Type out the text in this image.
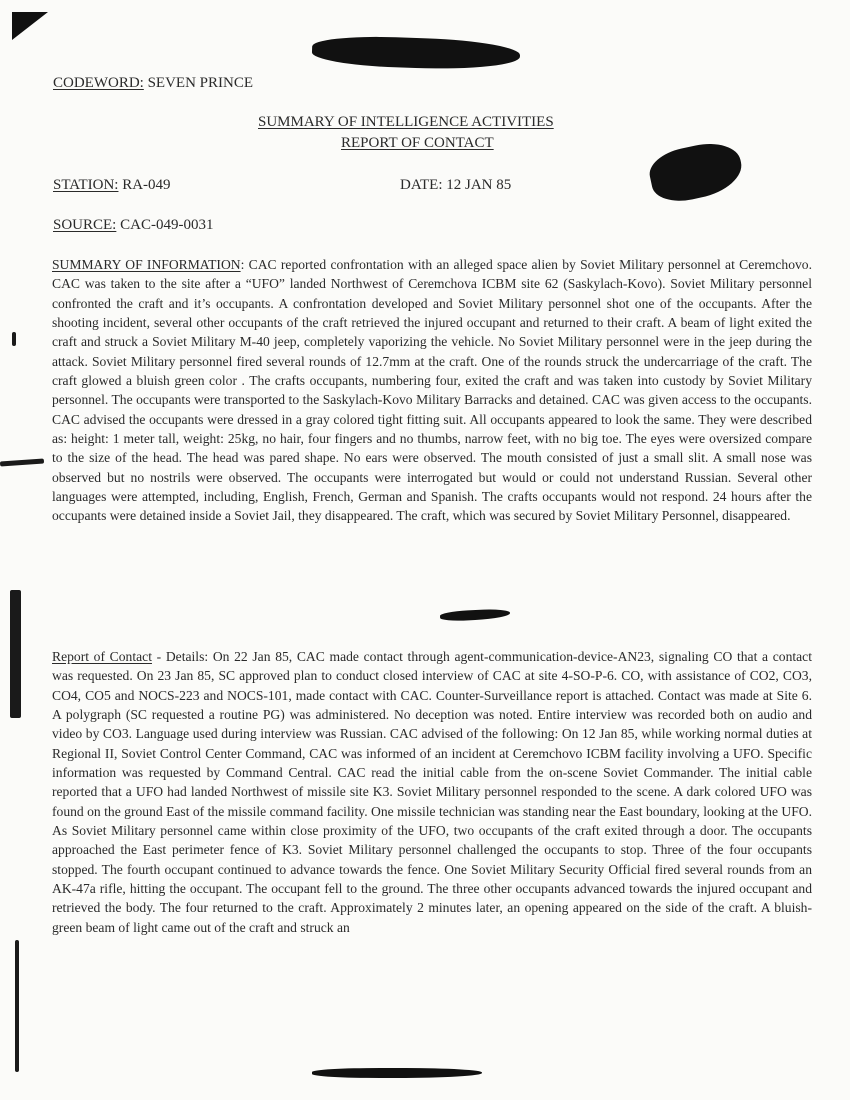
CODEWORD: SEVEN PRINCE
SUMMARY OF INTELLIGENCE ACTIVITIES
REPORT OF CONTACT
STATION: RA-049	DATE: 12 JAN 85
SOURCE: CAC-049-0031

SUMMARY OF INFORMATION: CAC reported confrontation with an alleged space alien by Soviet Military personnel at Ceremchovo. CAC was taken to the site after a “UFO” landed Northwest of Ceremchova ICBM site 62 (Saskylach-Kovo). Soviet Military personnel confronted the craft and it’s occupants. A confrontation developed and Soviet Military personnel shot one of the occupants. After the shooting incident, several other occupants of the craft retrieved the injured occupant and returned to their craft. A beam of light exited the craft and struck a Soviet Military M-40 jeep, completely vaporizing the vehicle. No Soviet Military personnel were in the jeep during the attack. Soviet Military personnel fired several rounds of 12.7mm at the craft. One of the rounds struck the undercarriage of the craft. The craft glowed a bluish green color . The crafts occupants, numbering four, exited the craft and was taken into custody by Soviet Military personnel. The occupants were transported to the Saskylach-Kovo Military Barracks and detained. CAC was given access to the occupants. CAC advised the occupants were dressed in a gray colored tight fitting suit. All occupants appeared to look the same. They were described as: height: 1 meter tall, weight: 25kg, no hair, four fingers and no thumbs, narrow feet, with no big toe. The eyes were oversized compare to the size of the head. The head was pared shape. No ears were observed. The mouth consisted of just a small slit. A small nose was observed but no nostrils were observed. The occupants were interrogated but would or could not understand Russian. Several other languages were attempted, including, English, French, German and Spanish. The crafts occupants would not respond. 24 hours after the occupants were detained inside a Soviet Jail, they disappeared. The craft, which was secured by Soviet Military Personnel, disappeared.

Report of Contact - Details: On 22 Jan 85, CAC made contact through agent-communication-device-AN23, signaling CO that a contact was requested. On 23 Jan 85, SC approved plan to conduct closed interview of CAC at site 4-SO-P-6. CO, with assistance of CO2, CO3, CO4, CO5 and NOCS-223 and NOCS-101, made contact with CAC. Counter-Surveillance report is attached. Contact was made at Site 6. A polygraph (SC requested a routine PG) was administered. No deception was noted. Entire interview was recorded both on audio and video by CO3. Language used during interview was Russian. CAC advised of the following: On 12 Jan 85, while working normal duties at Regional II, Soviet Control Center Command, CAC was informed of an incident at Ceremchovo ICBM facility involving a UFO. Specific information was requested by Command Central. CAC read the initial cable from the on-scene Soviet Commander. The initial cable reported that a UFO had landed Northwest of missile site K3. Soviet Military personnel responded to the scene. A dark colored UFO was found on the ground East of the missile command facility. One missile technician was standing near the East boundary, looking at the UFO. As Soviet Military personnel came within close proximity of the UFO, two occupants of the craft exited through a door. The occupants approached the East perimeter fence of K3. Soviet Military personnel challenged the occupants to stop. Three of the four occupants stopped. The fourth occupant continued to advance towards the fence. One Soviet Military Security Official fired several rounds from an AK-47a rifle, hitting the occupant. The occupant fell to the ground. The three other occupants advanced towards the injured occupant and retrieved the body. The four returned to the craft. Approximately 2 minutes later, an opening appeared on the side of the craft. A bluish-green beam of light came out of the craft and struck an
